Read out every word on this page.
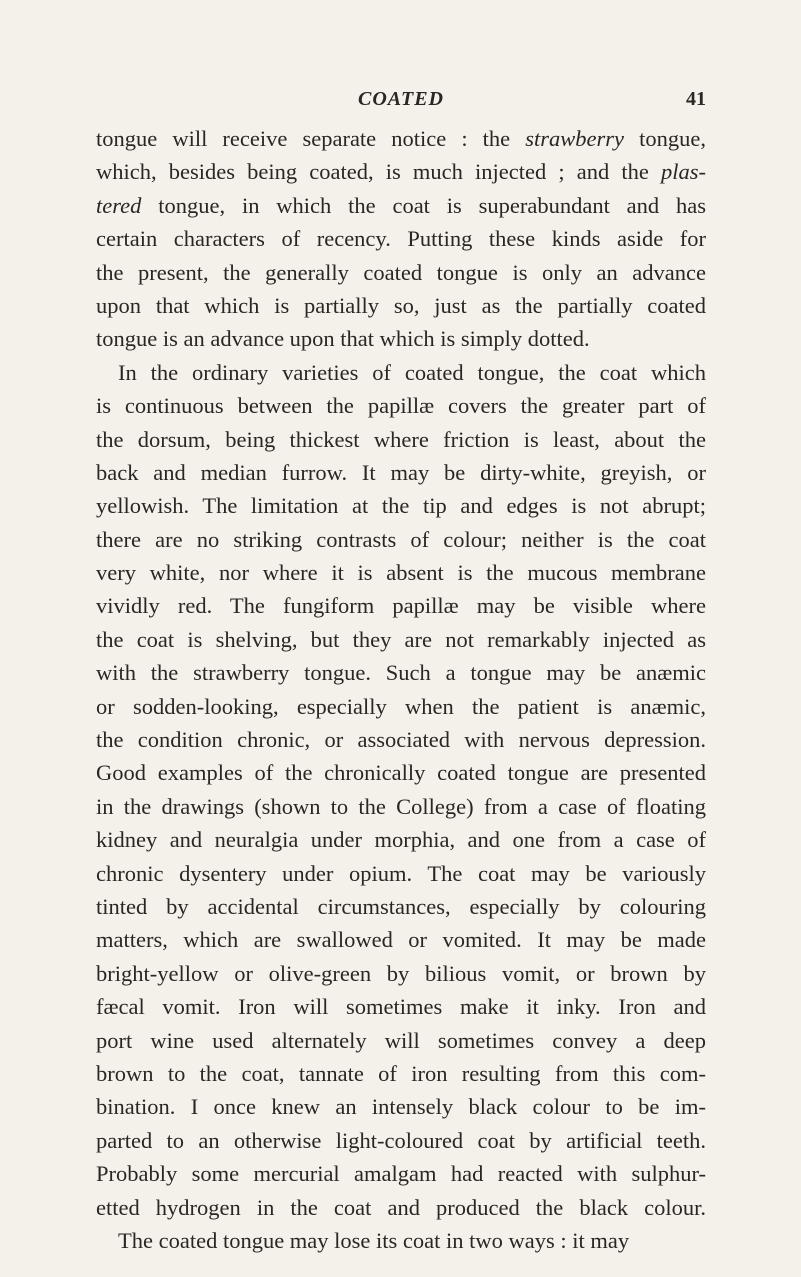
COATED	41
tongue will receive separate notice : the strawberry tongue,
which, besides being coated, is much injected ; and the plas-
tered tongue, in which the coat is superabundant and has
certain characters of recency. Putting these kinds aside for
the present, the generally coated tongue is only an advance
upon that which is partially so, just as the partially coated
tongue is an advance upon that which is simply dotted.
In the ordinary varieties of coated tongue, the coat which
is continuous between the papillæ covers the greater part of
the dorsum, being thickest where friction is least, about the
back and median furrow. It may be dirty-white, greyish, or
yellowish. The limitation at the tip and edges is not abrupt;
there are no striking contrasts of colour; neither is the coat
very white, nor where it is absent is the mucous membrane
vividly red. The fungiform papillæ may be visible where
the coat is shelving, but they are not remarkably injected as
with the strawberry tongue. Such a tongue may be anæmic
or sodden-looking, especially when the patient is anæmic,
the condition chronic, or associated with nervous depression.
Good examples of the chronically coated tongue are presented
in the drawings (shown to the College) from a case of floating
kidney and neuralgia under morphia, and one from a case of
chronic dysentery under opium. The coat may be variously
tinted by accidental circumstances, especially by colouring
matters, which are swallowed or vomited. It may be made
bright-yellow or olive-green by bilious vomit, or brown by
fæcal vomit. Iron will sometimes make it inky. Iron and
port wine used alternately will sometimes convey a deep
brown to the coat, tannate of iron resulting from this com-
bination. I once knew an intensely black colour to be im-
parted to an otherwise light-coloured coat by artificial teeth.
Probably some mercurial amalgam had reacted with sulphur-
etted hydrogen in the coat and produced the black colour.
The coated tongue may lose its coat in two ways : it may
